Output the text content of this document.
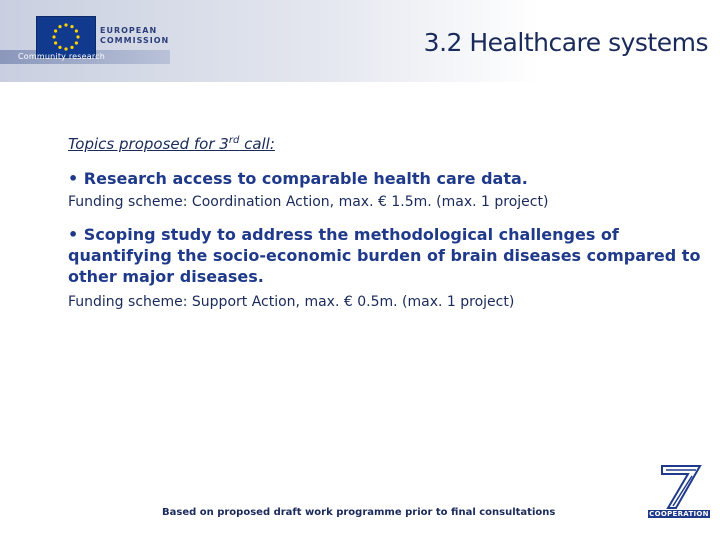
EUROPEAN
COMMISSION
Community research	3.2 Healthcare systems
Topics proposed for 3rd call:
• Research access to comparable health care data.
Funding scheme: Coordination Action, max. € 1.5m. (max. 1 project)
• Scoping study to address the methodological challenges of quantifying the socio-economic burden of brain diseases compared to other major diseases.
Funding scheme: Support Action, max. € 0.5m. (max. 1 project)
Based on proposed draft work programme prior to final consultations	COOPERATION
